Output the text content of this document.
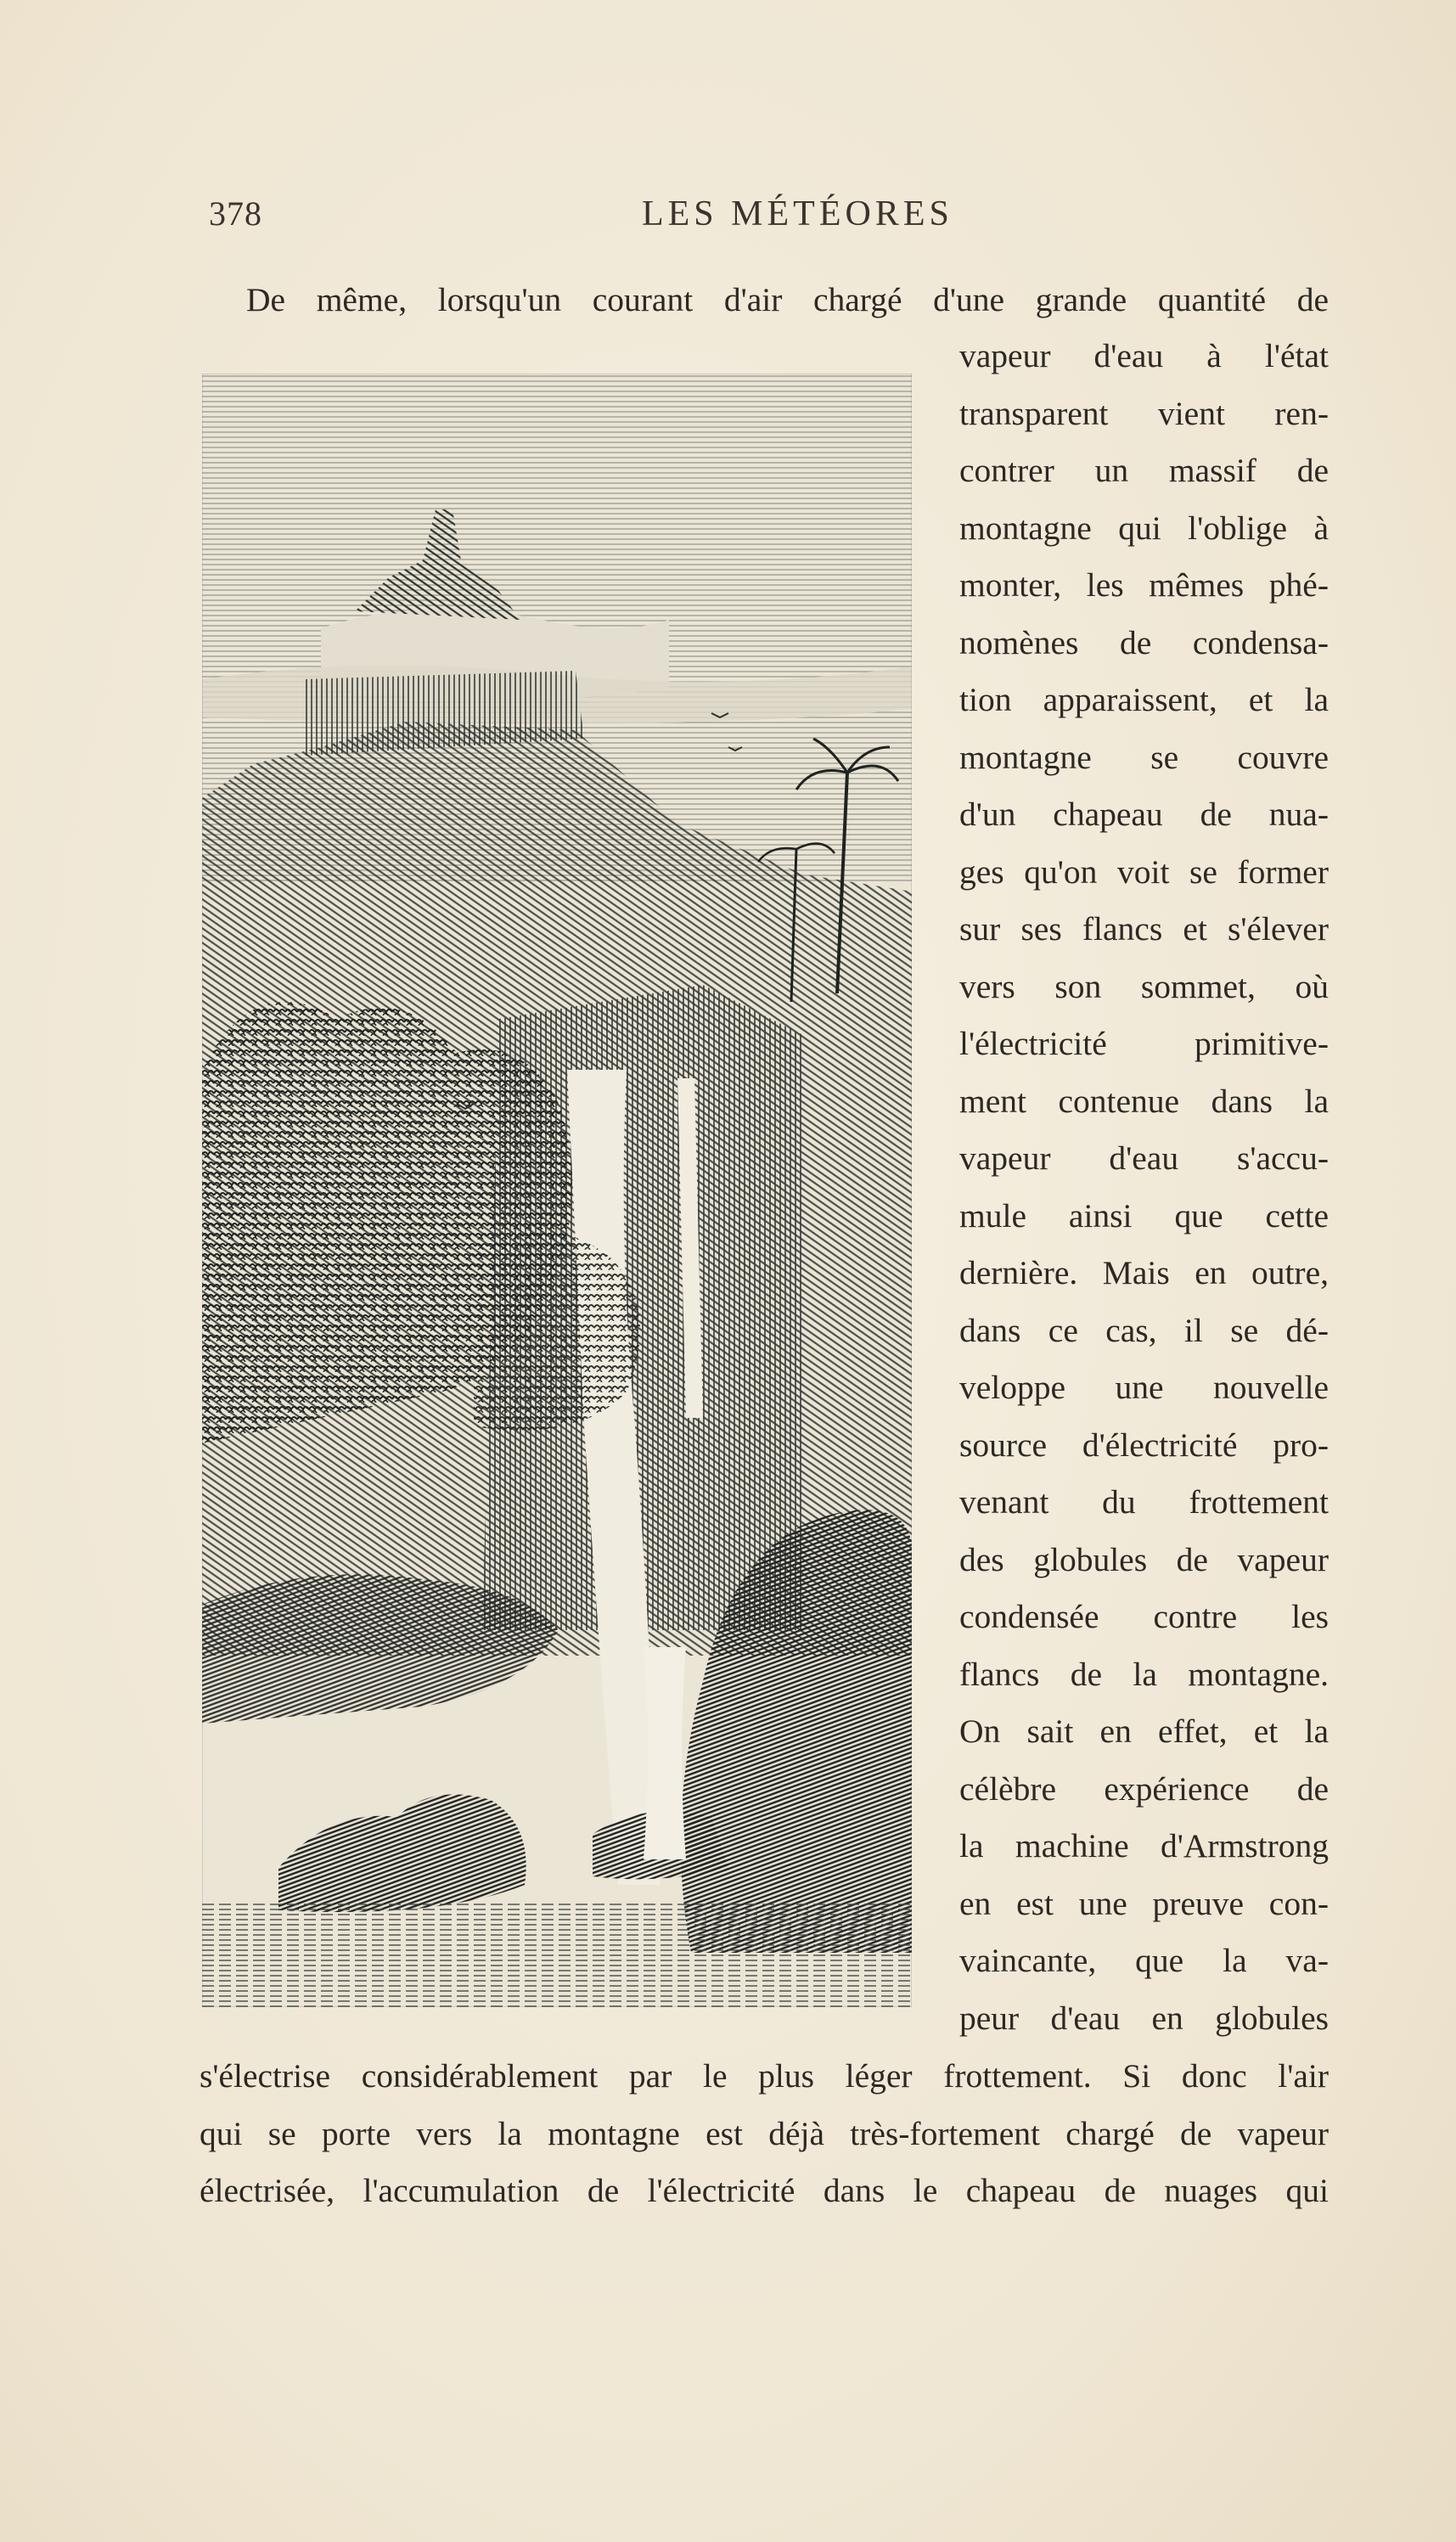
378	LES MÉTÉORES
De même, lorsqu'un courant d'air chargé d'une grande quantité de
vapeur d'eau à l'état
transparent vient ren-
contrer un massif de
montagne qui l'oblige à
monter, les mêmes phé-
nomènes de condensa-
tion apparaissent, et la
montagne se couvre
d'un chapeau de nua-
ges qu'on voit se former
sur ses flancs et s'élever
vers son sommet, où
l'électricité primitive-
ment contenue dans la
vapeur d'eau s'accu-
mule ainsi que cette
dernière. Mais en outre,
dans ce cas, il se dé-
veloppe une nouvelle
source d'électricité pro-
venant du frottement
des globules de vapeur
condensée contre les
flancs de la montagne.
On sait en effet, et la
célèbre expérience de
la machine d'Armstrong
en est une preuve con-
vaincante, que la va-
peur d'eau en globules
s'électrise considérablement par le plus léger frottement. Si donc l'air
qui se porte vers la montagne est déjà très-fortement chargé de vapeur
électrisée, l'accumulation de l'électricité dans le chapeau de nuages qui
